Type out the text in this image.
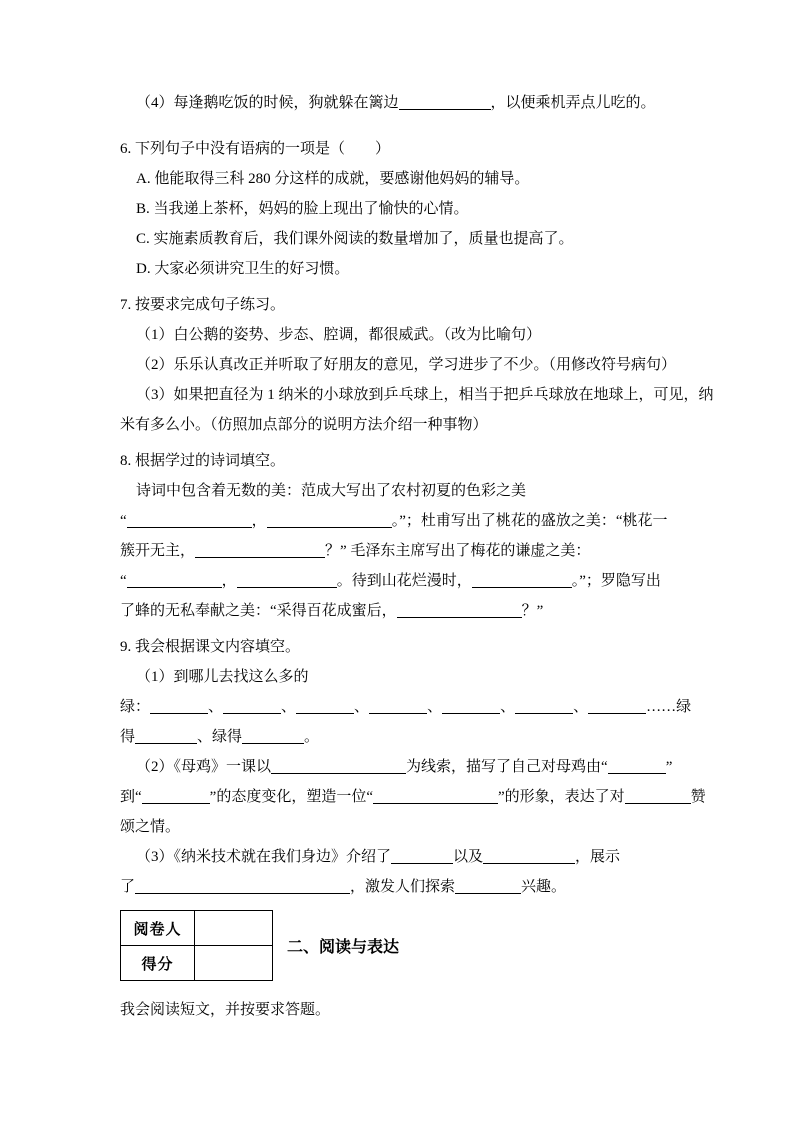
（4）每逢鹅吃饭的时候，狗就躲在篱边	，以便乘机弄点儿吃的。
6. 下列句子中没有语病的一项是（　　）
A. 他能取得三科 280 分这样的成就，要感谢他妈妈的辅导。
B. 当我递上茶杯，妈妈的脸上现出了愉快的心情。
C. 实施素质教育后，我们课外阅读的数量增加了，质量也提高了。
D. 大家必须讲究卫生的好习惯。
7. 按要求完成句子练习。
（1）白公鹅的姿势、步态、腔调，都很威武。（改为比喻句）
（2）乐乐认真改正并听取了好朋友的意见，学习进步了不少。（用修改符号病句）
（3）如果把直径为 1 纳米的小球放到乒乓球上，相当于把乒乓球放在地球上，可见，纳
米有多么小。（仿照加点部分的说明方法介绍一种事物）
8. 根据学过的诗词填空。
诗词中包含着无数的美：范成大写出了农村初夏的色彩之美
“	，	。”；杜甫写出了桃花的盛放之美：“桃花一
簇开无主，	？” 毛泽东主席写出了梅花的谦虚之美：
“	，	。待到山花烂漫时，	。”；罗隐写出
了蜂的无私奉献之美：“采得百花成蜜后，	？”
9. 我会根据课文内容填空。
（1）到哪儿去找这么多的
绿：	、	、	、	、	、	、	……绿
得	、绿得	。
（2）《母鸡》一课以	为线索，描写了自己对母鸡由“	”
到“	”的态度变化，塑造一位“	”的形象，表达了对	赞
颂之情。
（3）《纳米技术就在我们身边》介绍了	以及	，展示
了	，激发人们探索	兴趣。
阅卷人	
得分	
二、阅读与表达
我会阅读短文，并按要求答题。
